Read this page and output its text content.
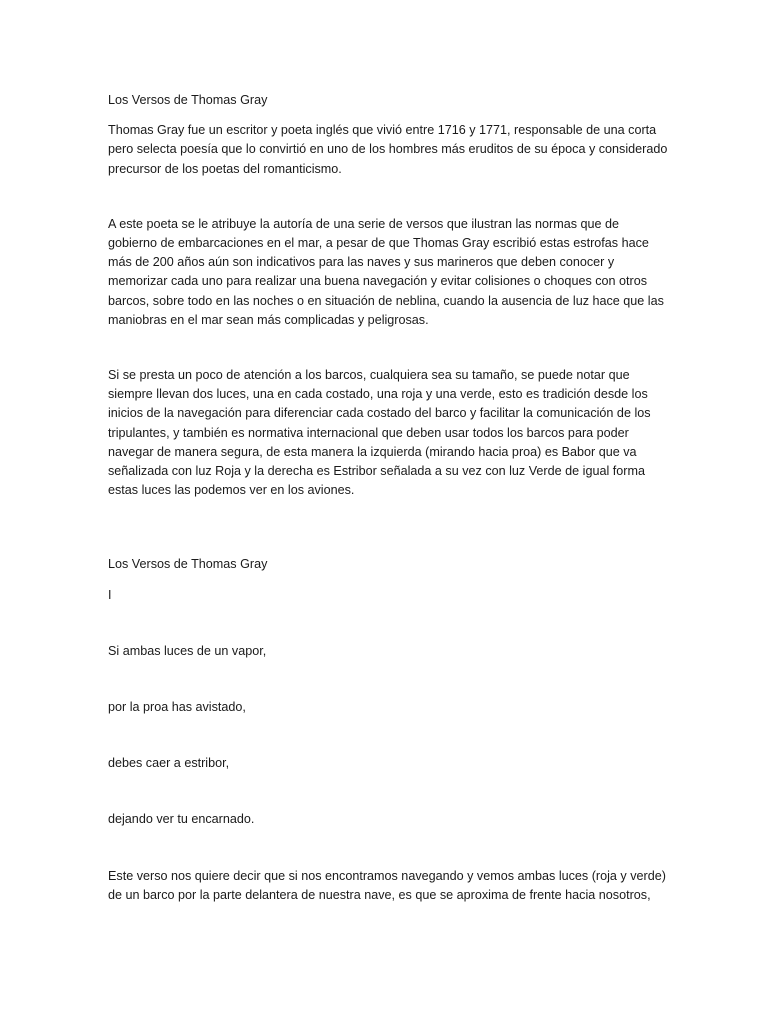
Los Versos de Thomas Gray

Thomas Gray fue un escritor y poeta inglés que vivió entre 1716 y 1771, responsable de una corta pero selecta poesía que lo convirtió en uno de los hombres más eruditos de su época y considerado precursor de los poetas del romanticismo.

A este poeta se le atribuye la autoría de una serie de versos que ilustran las normas que de gobierno de embarcaciones en el mar, a pesar de que Thomas Gray escribió estas estrofas hace más de 200 años aún son indicativos para las naves y sus marineros que deben conocer y memorizar cada uno para realizar una buena navegación y evitar colisiones o choques con otros barcos, sobre todo en las noches o en situación de neblina, cuando la ausencia de luz hace que las maniobras en el mar sean más complicadas y peligrosas.

Si se presta un poco de atención a los barcos, cualquiera sea su tamaño, se puede notar que siempre llevan dos luces, una en cada costado, una roja y una verde, esto es tradición desde los inicios de la navegación para diferenciar cada costado del barco y facilitar la comunicación de los tripulantes, y también es normativa internacional que deben usar todos los barcos para poder navegar de manera segura, de esta manera la izquierda (mirando hacia proa) es Babor que va señalizada con luz Roja y la derecha es Estribor señalada a su vez con luz Verde de igual forma estas luces las podemos ver en los aviones.

Los Versos de Thomas Gray

I

Si ambas luces de un vapor,

por la proa has avistado,

debes caer a estribor,

dejando ver tu encarnado.

Este verso nos quiere decir que si nos encontramos navegando y vemos ambas luces (roja y verde) de un barco por la parte delantera de nuestra nave, es que se aproxima de frente hacia nosotros,
